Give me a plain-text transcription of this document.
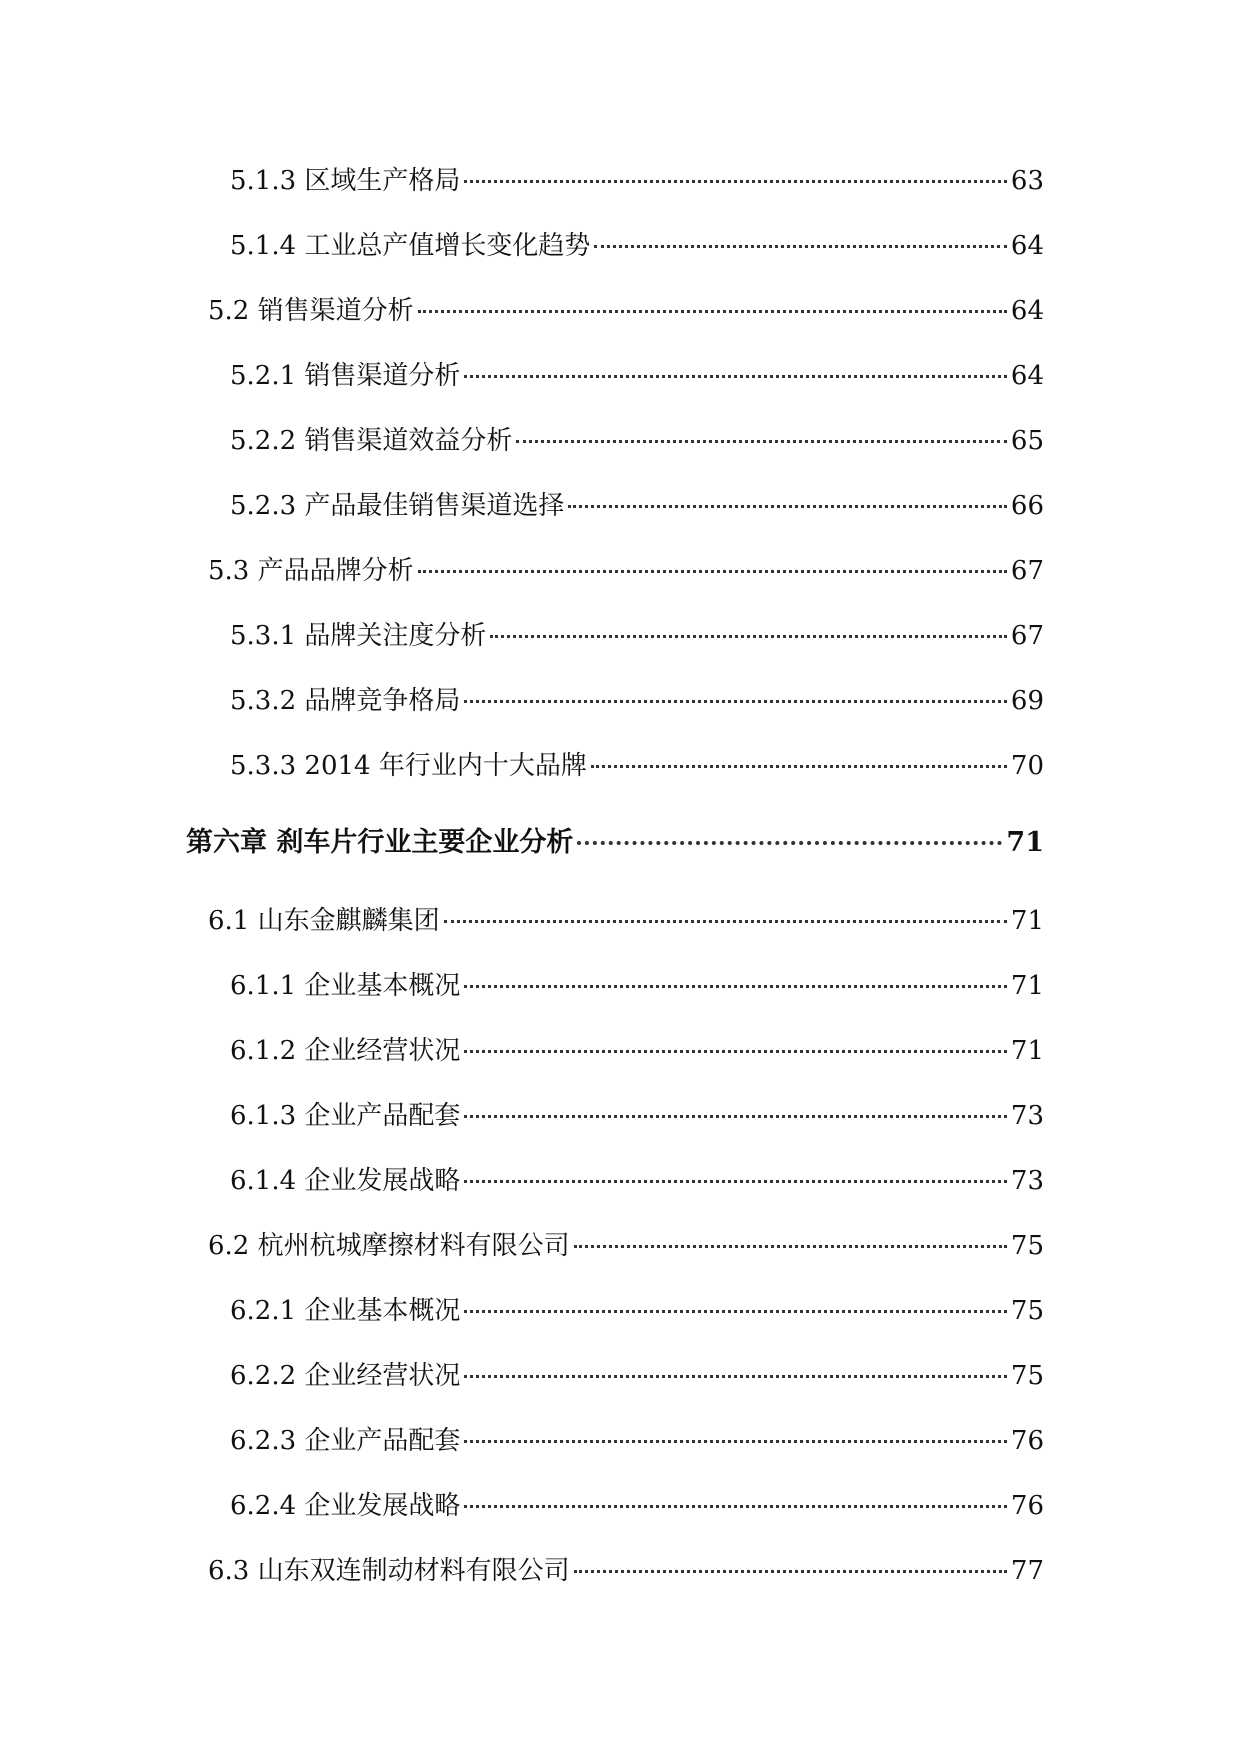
5.1.3 区域生产格局	63
5.1.4 工业总产值增长变化趋势	64
5.2 销售渠道分析	64
5.2.1 销售渠道分析	64
5.2.2 销售渠道效益分析	65
5.2.3 产品最佳销售渠道选择	66
5.3 产品品牌分析	67
5.3.1 品牌关注度分析	67
5.3.2 品牌竞争格局	69
5.3.3 2014 年行业内十大品牌	70
第六章 刹车片行业主要企业分析	71
6.1 山东金麒麟集团	71
6.1.1 企业基本概况	71
6.1.2 企业经营状况	71
6.1.3 企业产品配套	73
6.1.4 企业发展战略	73
6.2 杭州杭城摩擦材料有限公司	75
6.2.1 企业基本概况	75
6.2.2 企业经营状况	75
6.2.3 企业产品配套	76
6.2.4 企业发展战略	76
6.3 山东双连制动材料有限公司	77
